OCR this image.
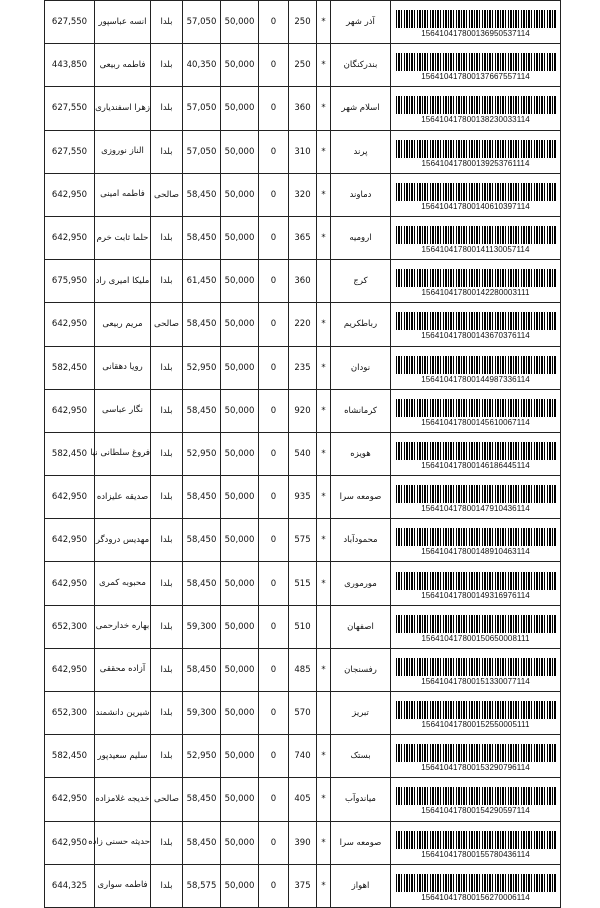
627,550	انسه عباسپور	بلدا	57,050	50,000	0	250	*	آذر شهر	156410417800136950537114

443,850	فاطمه ربیعی	بلدا	40,350	50,000	0	250	*	بندرکنگان	156410417800137667557114

627,550	زهرا اسفندیاری	بلدا	57,050	50,000	0	360	*	اسلام شهر	156410417800138230033114

627,550	الناز نوروزی	بلدا	57,050	50,000	0	310	*	پرند	156410417800139253761114

642,950	فاطمه امینی	صالحی	58,450	50,000	0	320	*	دماوند	156410417800140610397114

642,950	حلما ثابت خرم	بلدا	58,450	50,000	0	365	*	ارومیه	156410417800141130057114

675,950	ملیکا امیری راد	بلدا	61,450	50,000	0	360		کرج	156410417800142280003111

642,950	مریم ربیعی	صالحی	58,450	50,000	0	220	*	رباطکریم	156410417800143670376114

582,450	رویا دهقانی	بلدا	52,950	50,000	0	235	*	نودان	156410417800144987336114

642,950	نگار عباسی	بلدا	58,450	50,000	0	920	*	کرمانشاه	156410417800145610067114

582,450	فروغ سلطانی نیا	بلدا	52,950	50,000	0	540	*	هویزه	156410417800146186445114

642,950	صدیقه علیزاده	بلدا	58,450	50,000	0	935	*	صومعه سرا	156410417800147910436114

642,950	مهدیس درودگر	بلدا	58,450	50,000	0	575	*	محمودآباد	156410417800148910463114

642,950	محبوبه کمری	بلدا	58,450	50,000	0	515	*	مورموری	156410417800149316976114

652,300	بهاره خدارحمی	بلدا	59,300	50,000	0	510		اصفهان	156410417800150650008111

642,950	آزاده محققی	بلدا	58,450	50,000	0	485	*	رفسنجان	156410417800151330077114

652,300	شیرین دانشمند	بلدا	59,300	50,000	0	570		تبریز	156410417800152550005111

582,450	سلیم سعیدپور	بلدا	52,950	50,000	0	740	*	بستک	156410417800153290796114

642,950	خدیجه غلامزاده	صالحی	58,450	50,000	0	405	*	میاندوآب	156410417800154290597114

642,950	حدیثه حسنی زاده	بلدا	58,450	50,000	0	390	*	صومعه سرا	156410417800155780436114

644,325	فاطمه سواری	بلدا	58,575	50,000	0	375	*	اهواز	156410417800156270006114
